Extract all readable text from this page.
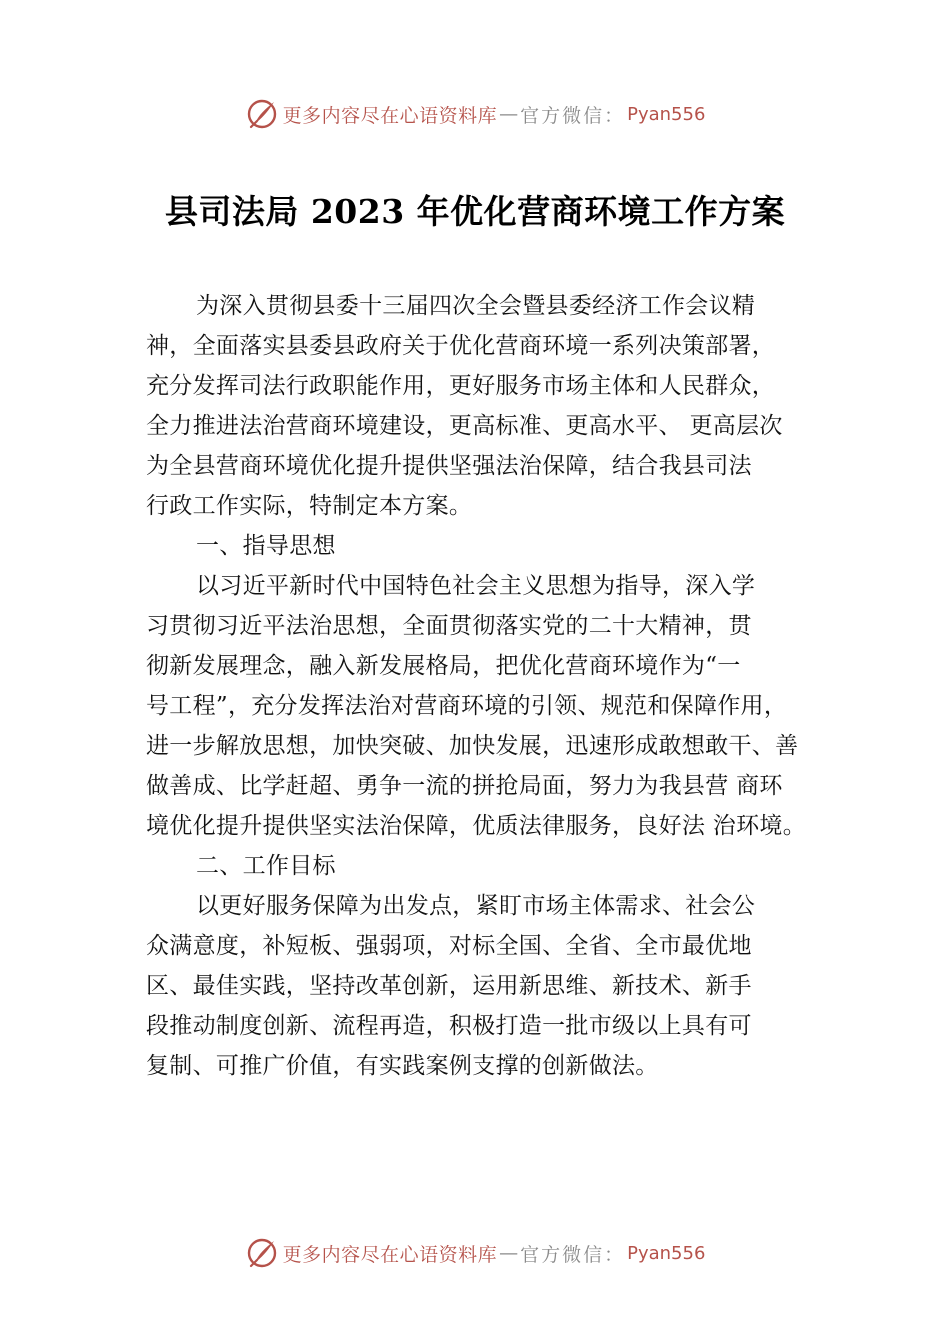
更多内容尽在心语资料库 — 官方微信： Pyan556
县司法局 2023 年优化营商环境工作方案
为深入贯彻县委十三届四次全会暨县委经济工作会议精
神，全面落实县委县政府关于优化营商环境一系列决策部署，
充分发挥司法行政职能作用，更好服务市场主体和人民群众，
全力推进法治营商环境建设，更高标准、更高水平、 更高层次
为全县营商环境优化提升提供坚强法治保障，结合我县司法
行政工作实际，特制定本方案。
一、指导思想
以习近平新时代中国特色社会主义思想为指导，深入学
习贯彻习近平法治思想，全面贯彻落实党的二十大精神，贯
彻新发展理念，融入新发展格局，把优化营商环境作为“一
号工程”，充分发挥法治对营商环境的引领、规范和保障作用，
进一步解放思想，加快突破、加快发展，迅速形成敢想敢干、善
做善成、比学赶超、勇争一流的拼抢局面，努力为我县营 商环
境优化提升提供坚实法治保障，优质法律服务，良好法 治环境。
二、工作目标
以更好服务保障为出发点，紧盯市场主体需求、社会公
众满意度，补短板、强弱项，对标全国、全省、全市最优地
区、最佳实践，坚持改革创新，运用新思维、新技术、新手
段推动制度创新、流程再造，积极打造一批市级以上具有可
复制、可推广价值，有实践案例支撑的创新做法。
更多内容尽在心语资料库 — 官方微信： Pyan556
